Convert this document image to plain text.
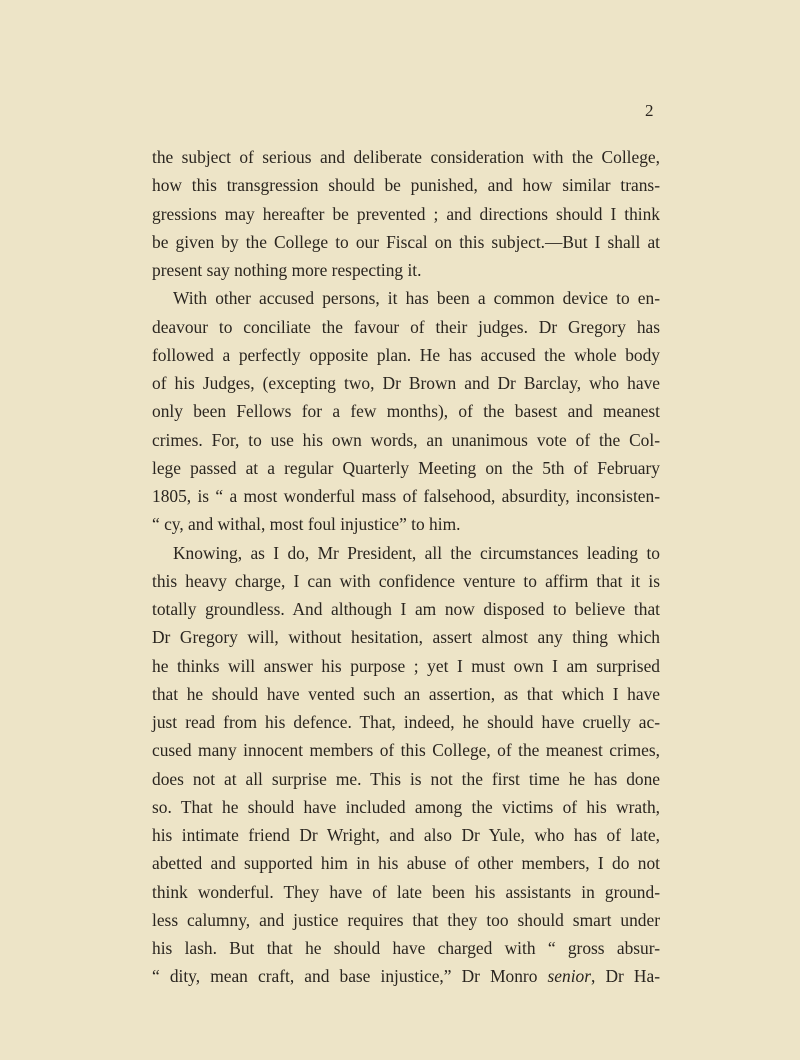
2
the subject of serious and deliberate consideration with the College,
how this transgression should be punished, and how similar trans-
gressions may hereafter be prevented ; and directions should I think
be given by the College to our Fiscal on this subject.—But I shall at
present say nothing more respecting it.
With other accused persons, it has been a common device to en-
deavour to conciliate the favour of their judges. Dr Gregory has
followed a perfectly opposite plan. He has accused the whole body
of his Judges, (excepting two, Dr Brown and Dr Barclay, who have
only been Fellows for a few months), of the basest and meanest
crimes. For, to use his own words, an unanimous vote of the Col-
lege passed at a regular Quarterly Meeting on the 5th of February
1805, is “ a most wonderful mass of falsehood, absurdity, inconsisten-
“ cy, and withal, most foul injustice” to him.
Knowing, as I do, Mr President, all the circumstances leading to
this heavy charge, I can with confidence venture to affirm that it is
totally groundless. And although I am now disposed to believe that
Dr Gregory will, without hesitation, assert almost any thing which
he thinks will answer his purpose ; yet I must own I am surprised
that he should have vented such an assertion, as that which I have
just read from his defence. That, indeed, he should have cruelly ac-
cused many innocent members of this College, of the meanest crimes,
does not at all surprise me. This is not the first time he has done
so. That he should have included among the victims of his wrath,
his intimate friend Dr Wright, and also Dr Yule, who has of late,
abetted and supported him in his abuse of other members, I do not
think wonderful. They have of late been his assistants in ground-
less calumny, and justice requires that they too should smart under
his lash. But that he should have charged with “ gross absur-
“ dity, mean craft, and base injustice,” Dr Monro senior, Dr Ha-
